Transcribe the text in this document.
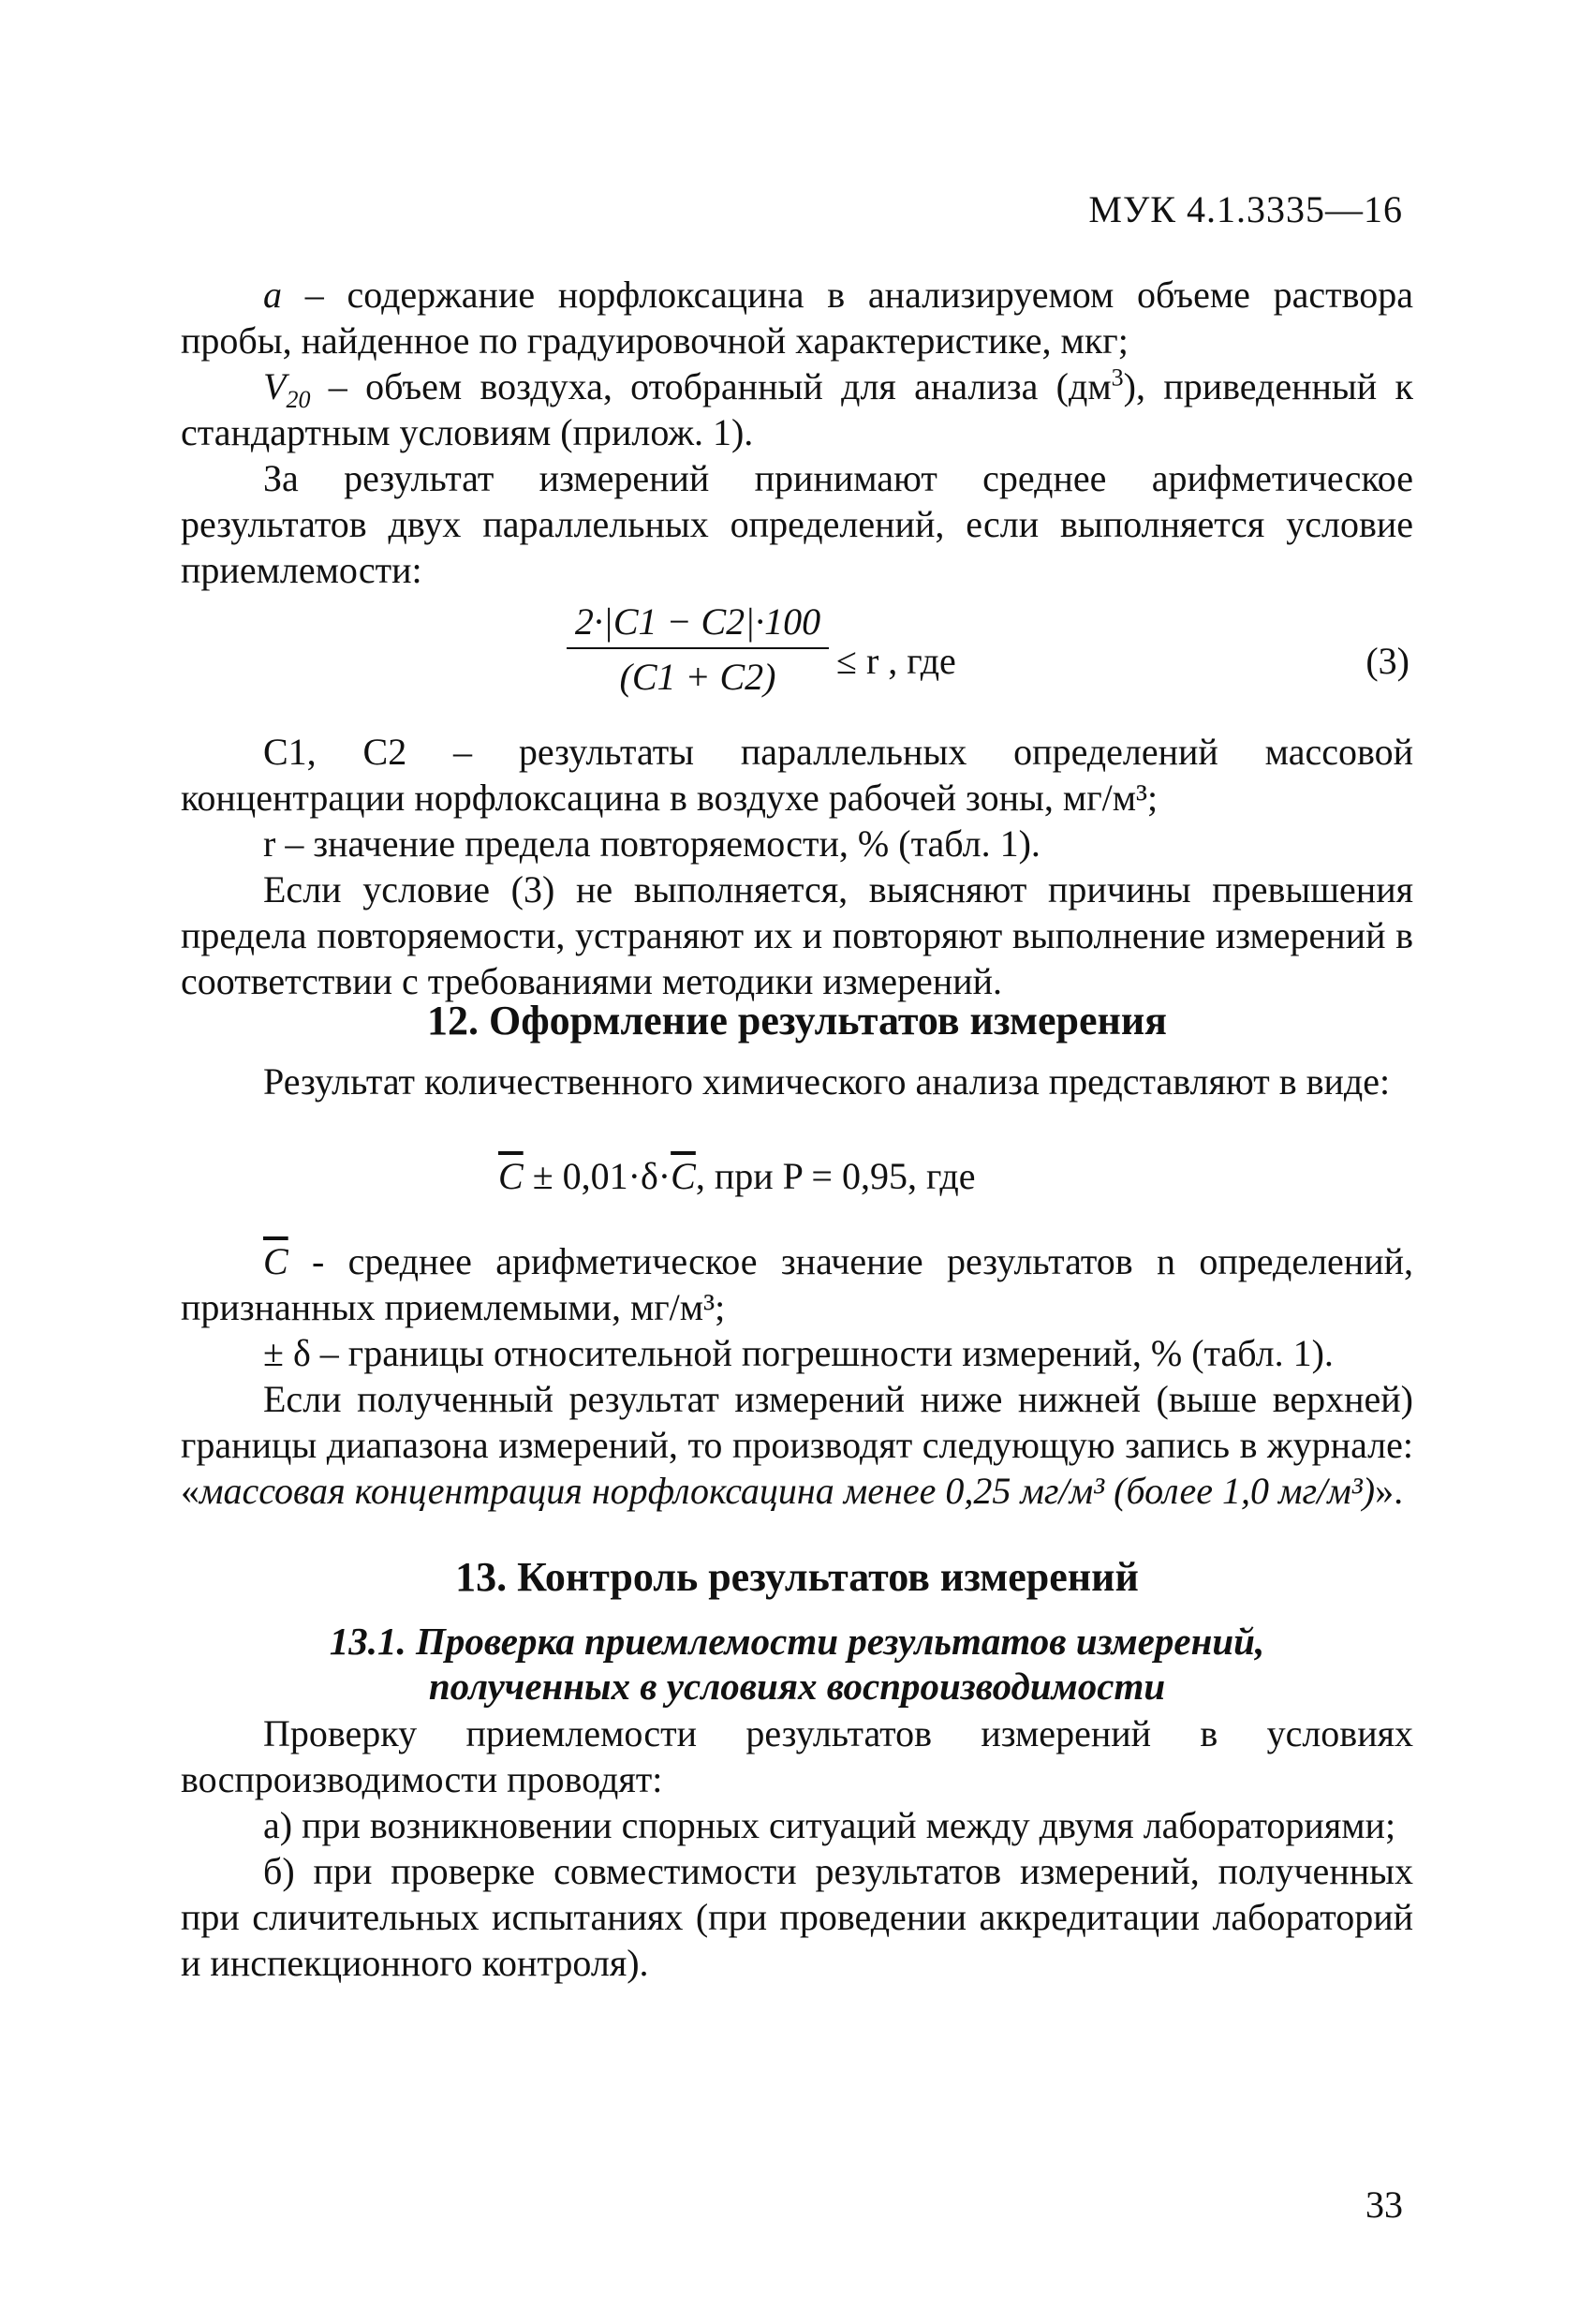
МУК 4.1.3335—16

a – содержание норфлоксацина в анализируемом объеме раствора пробы, найденное по градуировочной характеристике, мкг;

$V_{20}$ – объем воздуха, отобранный для анализа $(дм^3)$, приведенный к стандартным условиям (прилож. 1).

За результат измерений принимают среднее арифметическое результатов двух параллельных определений, если выполняется условие приемлемости:

$\frac{2\cdot|C1 - C2|\cdot 100}{(C1 + C2)} \le r$ , где	(3)

C1, C2 – результаты параллельных определений массовой концентрации норфлоксацина в воздухе рабочей зоны, мг/м³;

r – значение предела повторяемости, % (табл. 1).

Если условие (3) не выполняется, выясняют причины превышения предела повторяемости, устраняют их и повторяют выполнение измерений в соответствии с требованиями методики измерений.

12. Оформление результатов измерения

Результат количественного химического анализа представляют в виде:

$\overline{C} \pm 0,01\cdot\delta\cdot\overline{C}$, при P = 0,95, где

$\overline{C}$ - среднее арифметическое значение результатов n определений, признанных приемлемыми, мг/м³;

± δ – границы относительной погрешности измерений, % (табл. 1).

Если полученный результат измерений ниже нижней (выше верхней) границы диапазона измерений, то производят следующую запись в журнале: «массовая концентрация норфлоксацина менее 0,25 мг/м³ (более 1,0 мг/м³)».

13. Контроль результатов измерений
13.1. Проверка приемлемости результатов измерений,
полученных в условиях воспроизводимости

Проверку приемлемости результатов измерений в условиях воспроизводимости проводят:

а) при возникновении спорных ситуаций между двумя лабораториями;

б) при проверке совместимости результатов измерений, полученных при сличительных испытаниях (при проведении аккредитации лабораторий и инспекционного контроля).

33
